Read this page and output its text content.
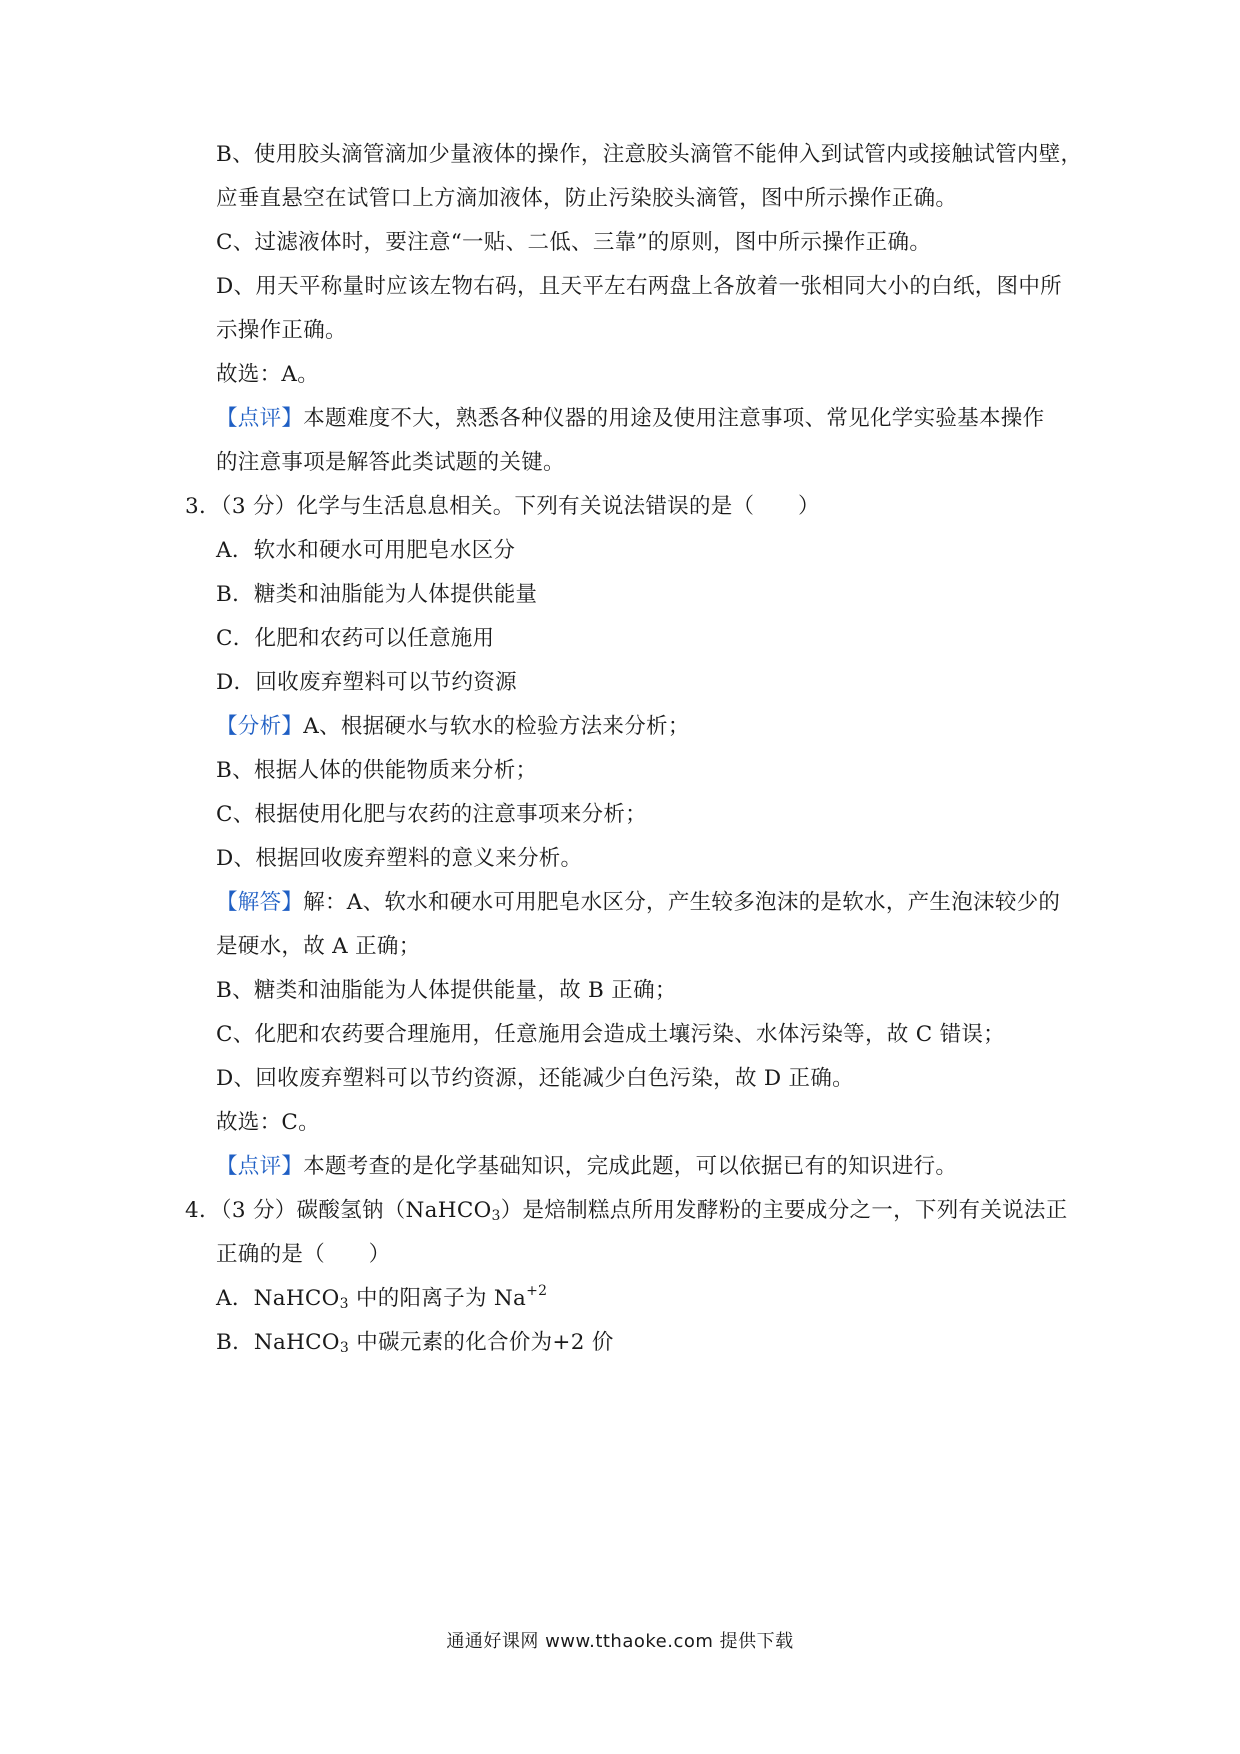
B、使用胶头滴管滴加少量液体的操作，注意胶头滴管不能伸入到试管内或接触试管内壁，
应垂直悬空在试管口上方滴加液体，防止污染胶头滴管，图中所示操作正确。
C、过滤液体时，要注意“一贴、二低、三靠”的原则，图中所示操作正确。
D、用天平称量时应该左物右码，且天平左右两盘上各放着一张相同大小的白纸，图中所
示操作正确。
故选：A。
【点评】本题难度不大，熟悉各种仪器的用途及使用注意事项、常见化学实验基本操作
的注意事项是解答此类试题的关键。
3．（3 分）化学与生活息息相关。下列有关说法错误的是（　　）
A．软水和硬水可用肥皂水区分
B．糖类和油脂能为人体提供能量
C．化肥和农药可以任意施用
D．回收废弃塑料可以节约资源
【分析】A、根据硬水与软水的检验方法来分析；
B、根据人体的供能物质来分析；
C、根据使用化肥与农药的注意事项来分析；
D、根据回收废弃塑料的意义来分析。
【解答】解：A、软水和硬水可用肥皂水区分，产生较多泡沫的是软水，产生泡沫较少的
是硬水，故 A 正确；
B、糖类和油脂能为人体提供能量，故 B 正确；
C、化肥和农药要合理施用，任意施用会造成土壤污染、水体污染等，故 C 错误；
D、回收废弃塑料可以节约资源，还能减少白色污染，故 D 正确。
故选：C。
【点评】本题考查的是化学基础知识，完成此题，可以依据已有的知识进行。
4．（3 分）碳酸氢钠（NaHCO$_3$）是焙制糕点所用发酵粉的主要成分之一，下列有关说法正
正确的是（　　）
A．NaHCO$_3$ 中的阳离子为 $Na^{+2}$
B．NaHCO$_3$ 中碳元素的化合价为+2 价
通通好课网 www.tthaoke.com 提供下载
